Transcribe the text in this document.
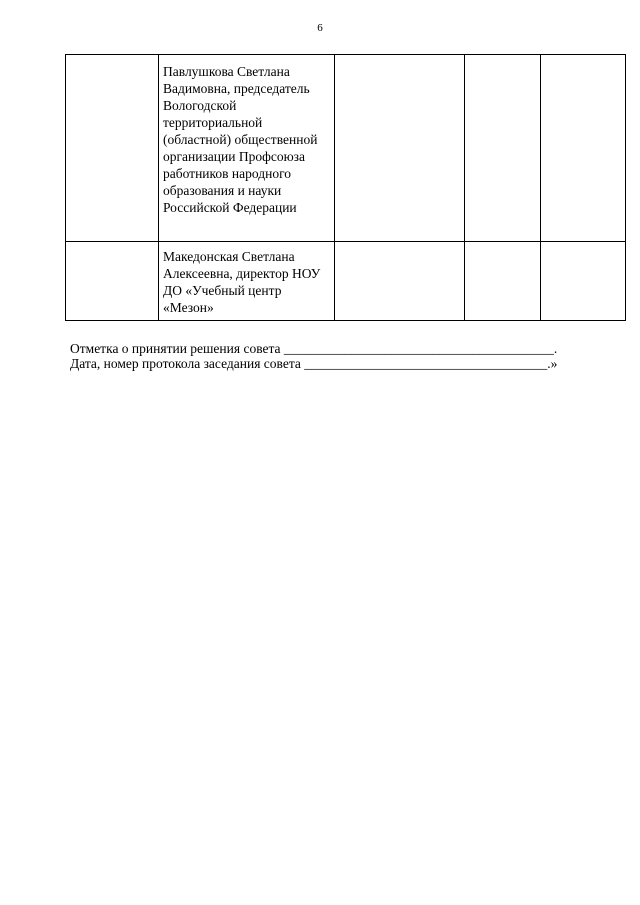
6
	Павлушкова Светлана Вадимовна, председатель Вологодской территориальной (областной) общественной организации Профсоюза работников народного образования и науки Российской Федерации			
	Македонская Светлана Алексеевна, директор НОУ ДО «Учебный центр «Мезон»			
Отметка о принятии решения совета ________________________________________.
Дата, номер протокола заседания совета ____________________________________.»
